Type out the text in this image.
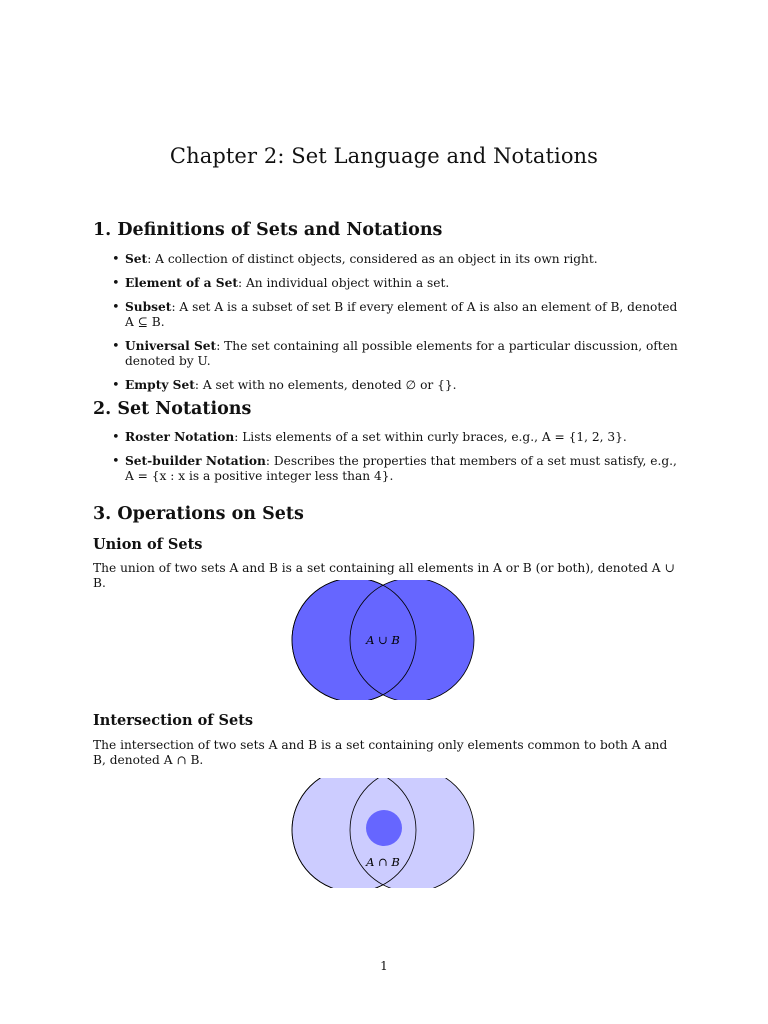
Chapter 2: Set Language and Notations
1. Definitions of Sets and Notations
• Set: A collection of distinct objects, considered as an object in its own right.
• Element of a Set: An individual object within a set.
• Subset: A set A is a subset of set B if every element of A is also an element of B, denoted A ⊆ B.
• Universal Set: The set containing all possible elements for a particular discussion, often denoted by U.
• Empty Set: A set with no elements, denoted ∅ or {}.
2. Set Notations
• Roster Notation: Lists elements of a set within curly braces, e.g., A = {1, 2, 3}.
• Set-builder Notation: Describes the properties that members of a set must satisfy, e.g., A = {x : x is a positive integer less than 4}.
3. Operations on Sets
Union of Sets

The union of two sets A and B is a set containing all elements in A or B (or both), denoted A ∪ B.

A ∪ B
Intersection of Sets

The intersection of two sets A and B is a set containing only elements common to both A and B, denoted A ∩ B.

A ∩ B
1
